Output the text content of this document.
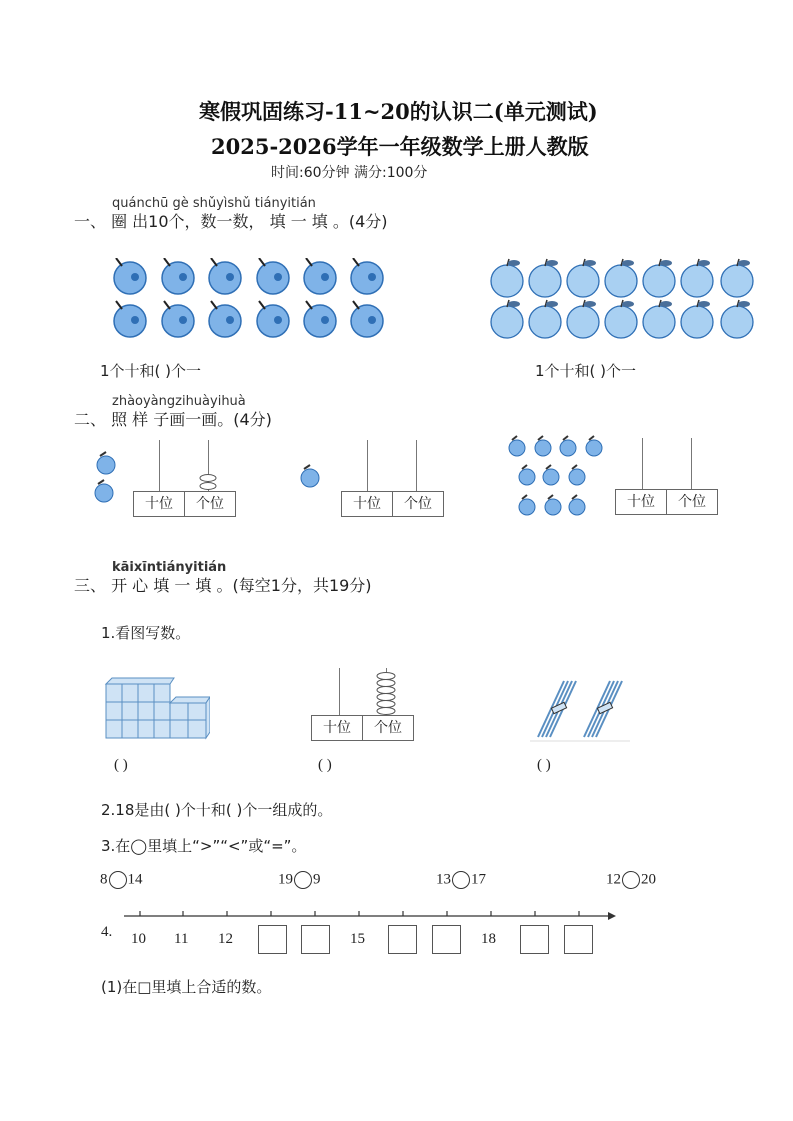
寒假巩固练习-11~20的认识二(单元测试)
2025-2026学年一年级数学上册人教版
时间:60分钟 满分:100分
quánchū gè shǔyìshǔ tiányitián
一、 圈 出10个，数一数， 填 一 填 。(4分)
1个十和( )个一	1个十和( )个一
zhàoyàngzihuàyihuà
二、 照 样 子画一画。(4分)
十位	个位	十位	个位	十位	个位
kāixīntiányitián
三、 开 心 填 一 填 。(每空1分，共19分)
1.看图写数。
十位	个位
( )	( )	( )
2.18是由( )个十和( )个一组成的。
3.在◯里填上“>”“<”或“=”。
8 14	19 9	13 17	12 20
4. 10 11 12	15	18
(1)在□里填上合适的数。
